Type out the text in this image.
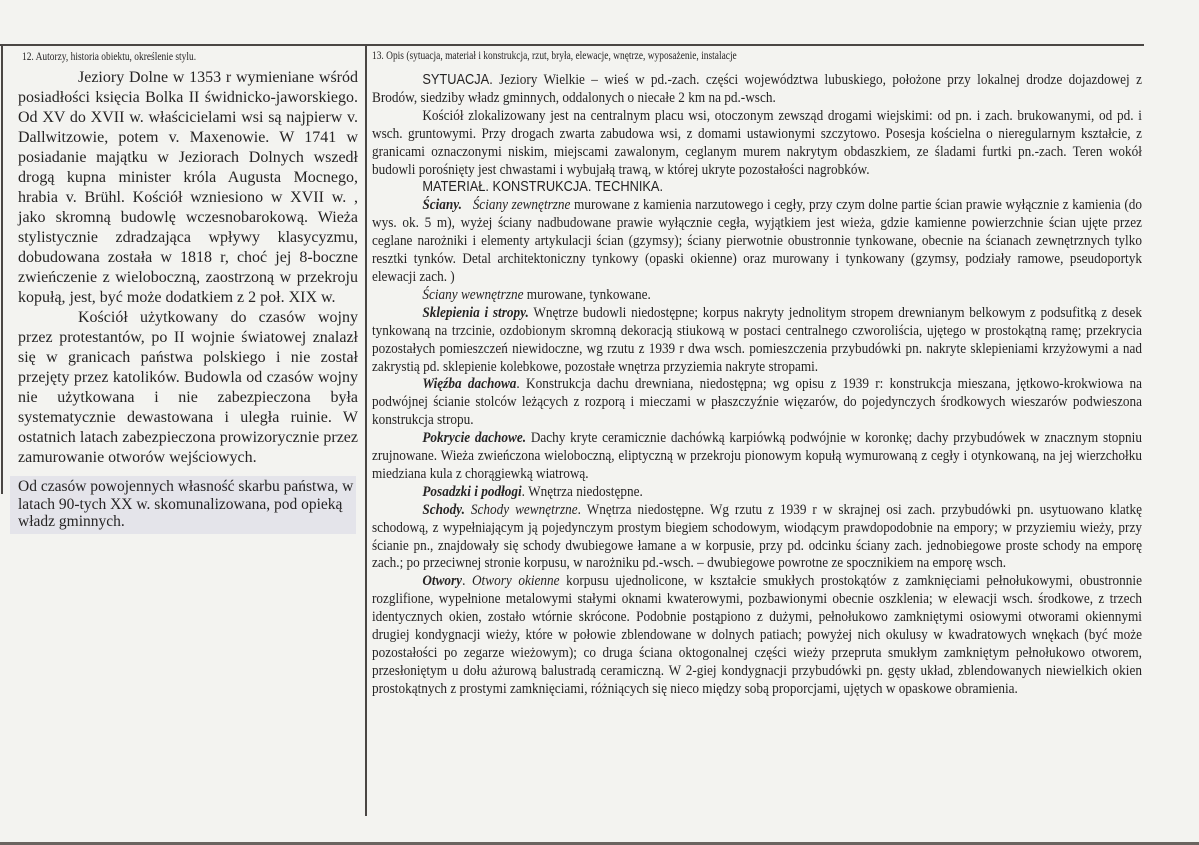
12. Autorzy, historia obiektu, określenie stylu.

Jeziory Dolne w 1353 r wymieniane wśród posiadłości księcia Bolka II świdnicko-jaworskiego. Od XV do XVII w. właścicielami wsi są najpierw v. Dallwitzowie, potem v. Maxenowie. W 1741 w posiadanie majątku w Jeziorach Dolnych wszedł drogą kupna minister króla Augusta Mocnego, hrabia v. Brühl. Kościół wzniesiono w XVII w. , jako skromną budowlę wczesnobarokową. Wieża stylistycznie zdradzająca wpływy klasycyzmu, dobudowana została w 1818 r, choć jej 8-boczne zwieńczenie z wieloboczną, zaostrzoną w przekroju kopułą, jest, być może dodatkiem z 2 poł. XIX w.

Kościół użytkowany do czasów wojny przez protestantów, po II wojnie światowej znalazł się w granicach państwa polskiego i nie został przejęty przez katolików. Budowla od czasów wojny nie użytkowana i nie zabezpieczona była systematycznie dewastowana i uległa ruinie. W ostatnich latach zabezpieczona prowizorycznie przez zamurowanie otworów wejściowych.

Od czasów powojennych własność skarbu państwa, w latach 90-tych XX w. skomunalizowana, pod opieką władz gminnych.
13. Opis (sytuacja, materiał i konstrukcja, rzut, bryła, elewacje, wnętrze, wyposażenie, instalacje

SYTUACJA. Jeziory Wielkie – wieś w pd.-zach. części województwa lubuskiego, położone przy lokalnej drodze dojazdowej z Brodów, siedziby władz gminnych, oddalonych o niecałe 2 km na pd.-wsch.

Kościół zlokalizowany jest na centralnym placu wsi, otoczonym zewsząd drogami wiejskimi: od pn. i zach. brukowanymi, od pd. i wsch. gruntowymi. Przy drogach zwarta zabudowa wsi, z domami ustawionymi szczytowo. Posesja kościelna o nieregularnym kształcie, z granicami oznaczonymi niskim, miejscami zawalonym, ceglanym murem nakrytym obdaszkiem, ze śladami furtki pn.-zach. Teren wokół budowli porośnięty jest chwastami i wybujałą trawą, w której ukryte pozostałości nagrobków.

MATERIAŁ. KONSTRUKCJA. TECHNIKA.

Ściany. Ściany zewnętrzne murowane z kamienia narzutowego i cegły, przy czym dolne partie ścian prawie wyłącznie z kamienia (do wys. ok. 5 m), wyżej ściany nadbudowane prawie wyłącznie cegła, wyjątkiem jest wieża, gdzie kamienne powierzchnie ścian ujęte przez ceglane narożniki i elementy artykulacji ścian (gzymsy); ściany pierwotnie obustronnie tynkowane, obecnie na ścianach zewnętrznych tylko resztki tynków. Detal architektoniczny tynkowy (opaski okienne) oraz murowany i tynkowany (gzymsy, podziały ramowe, pseudoportyk elewacji zach. )

Ściany wewnętrzne murowane, tynkowane.

Sklepienia i stropy. Wnętrze budowli niedostępne; korpus nakryty jednolitym stropem drewnianym belkowym z podsufitką z desek tynkowaną na trzcinie, ozdobionym skromną dekoracją stiukową w postaci centralnego czworoliścia, ujętego w prostokątną ramę; przekrycia pozostałych pomieszczeń niewidoczne, wg rzutu z 1939 r dwa wsch. pomieszczenia przybudówki pn. nakryte sklepieniami krzyżowymi a nad zakrystią pd. sklepienie kolebkowe, pozostałe wnętrza przyziemia nakryte stropami.

Więźba dachowa. Konstrukcja dachu drewniana, niedostępna; wg opisu z 1939 r: konstrukcja mieszana, jętkowo-krokwiowa na podwójnej ścianie stolców leżących z rozporą i mieczami w płaszczyźnie więzarów, do pojedynczych środkowych wieszarów podwieszona konstrukcja stropu.

Pokrycie dachowe. Dachy kryte ceramicznie dachówką karpiówką podwójnie w koronkę; dachy przybudówek w znacznym stopniu zrujnowane. Wieża zwieńczona wieloboczną, eliptyczną w przekroju pionowym kopułą wymurowaną z cegły i otynkowaną, na jej wierzchołku miedziana kula z chorągiewką wiatrową.

Posadzki i podłogi. Wnętrza niedostępne.

Schody. Schody wewnętrzne. Wnętrza niedostępne. Wg rzutu z 1939 r w skrajnej osi zach. przybudówki pn. usytuowano klatkę schodową, z wypełniającym ją pojedynczym prostym biegiem schodowym, wiodącym prawdopodobnie na empory; w przyziemiu wieży, przy ścianie pn., znajdowały się schody dwubiegowe łamane a w korpusie, przy pd. odcinku ściany zach. jednobiegowe proste schody na emporę zach.; po przeciwnej stronie korpusu, w narożniku pd.-wsch. – dwubiegowe powrotne ze spocznikiem na emporę wsch.

Otwory. Otwory okienne korpusu ujednolicone, w kształcie smukłych prostokątów z zamknięciami pełnołukowymi, obustronnie rozglifione, wypełnione metalowymi stałymi oknami kwaterowymi, pozbawionymi obecnie oszklenia; w elewacji wsch. środkowe, z trzech identycznych okien, zostało wtórnie skrócone. Podobnie postąpiono z dużymi, pełnołukowo zamkniętymi osiowymi otworami okiennymi drugiej kondygnacji wieży, które w połowie zblendowane w dolnych patiach; powyżej nich okulusy w kwadratowych wnękach (być może pozostałości po zegarze wieżowym); co druga ściana oktogonalnej części wieży przepruta smukłym zamkniętym pełnołukowo otworem, przesłoniętym u dołu ażurową balustradą ceramiczną. W 2-giej kondygnacji przybudówki pn. gęsty układ, zblendowanych niewielkich okien prostokątnych z prostymi zamknięciami, różniących się nieco między sobą proporcjami, ujętych w opaskowe obramienia.
